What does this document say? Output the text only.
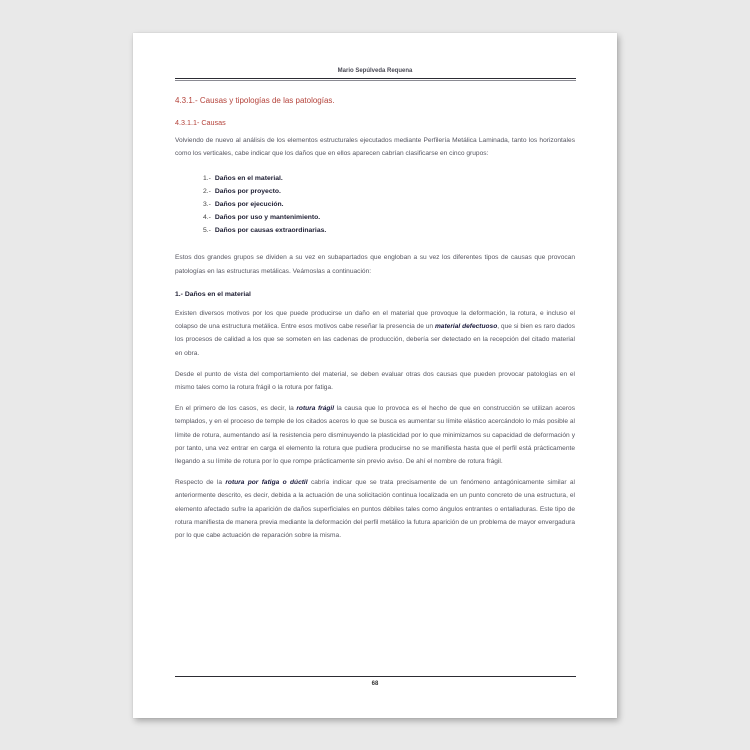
Mario Sepúlveda Requena
4.3.1.- Causas y tipologías de las patologías.
4.3.1.1- Causas

Volviendo de nuevo al análisis de los elementos estructurales ejecutados mediante Perfilería Metálica Laminada, tanto los horizontales como los verticales, cabe indicar que los daños que en ellos aparecen cabrían clasificarse en cinco grupos:

1.- Daños en el material.
2.- Daños por proyecto.
3.- Daños por ejecución.
4.- Daños por uso y mantenimiento.
5.- Daños por causas extraordinarias.

Estos dos grandes grupos se dividen a su vez en subapartados que engloban a su vez los diferentes tipos de causas que provocan patologías en las estructuras metálicas. Veámoslas a continuación:

1.- Daños en el material

Existen diversos motivos por los que puede producirse un daño en el material que provoque la deformación, la rotura, e incluso el colapso de una estructura metálica. Entre esos motivos cabe reseñar la presencia de un material defectuoso, que si bien es raro dados los procesos de calidad a los que se someten en las cadenas de producción, debería ser detectado en la recepción del citado material en obra.

Desde el punto de vista del comportamiento del material, se deben evaluar otras dos causas que pueden provocar patologías en el mismo tales como la rotura frágil o la rotura por fatiga.

En el primero de los casos, es decir, la rotura frágil la causa que lo provoca es el hecho de que en construcción se utilizan aceros templados, y en el proceso de temple de los citados aceros lo que se busca es aumentar su límite elástico acercándolo lo más posible al límite de rotura, aumentando así la resistencia pero disminuyendo la plasticidad por lo que minimizamos su capacidad de deformación y por tanto, una vez entrar en carga el elemento la rotura que pudiera producirse no se manifiesta hasta que el perfil está prácticamente llegando a su límite de rotura por lo que rompe prácticamente sin previo aviso. De ahí el nombre de rotura frágil.

Respecto de la rotura por fatiga o dúctil cabría indicar que se trata precisamente de un fenómeno antagónicamente similar al anteriormente descrito, es decir, debida a la actuación de una solicitación continua localizada en un punto concreto de una estructura, el elemento afectado sufre la aparición de daños superficiales en puntos débiles tales como ángulos entrantes o entalladuras. Este tipo de rotura manifiesta de manera previa mediante la deformación del perfil metálico la futura aparición de un problema de mayor envergadura por lo que cabe actuación de reparación sobre la misma.

68
